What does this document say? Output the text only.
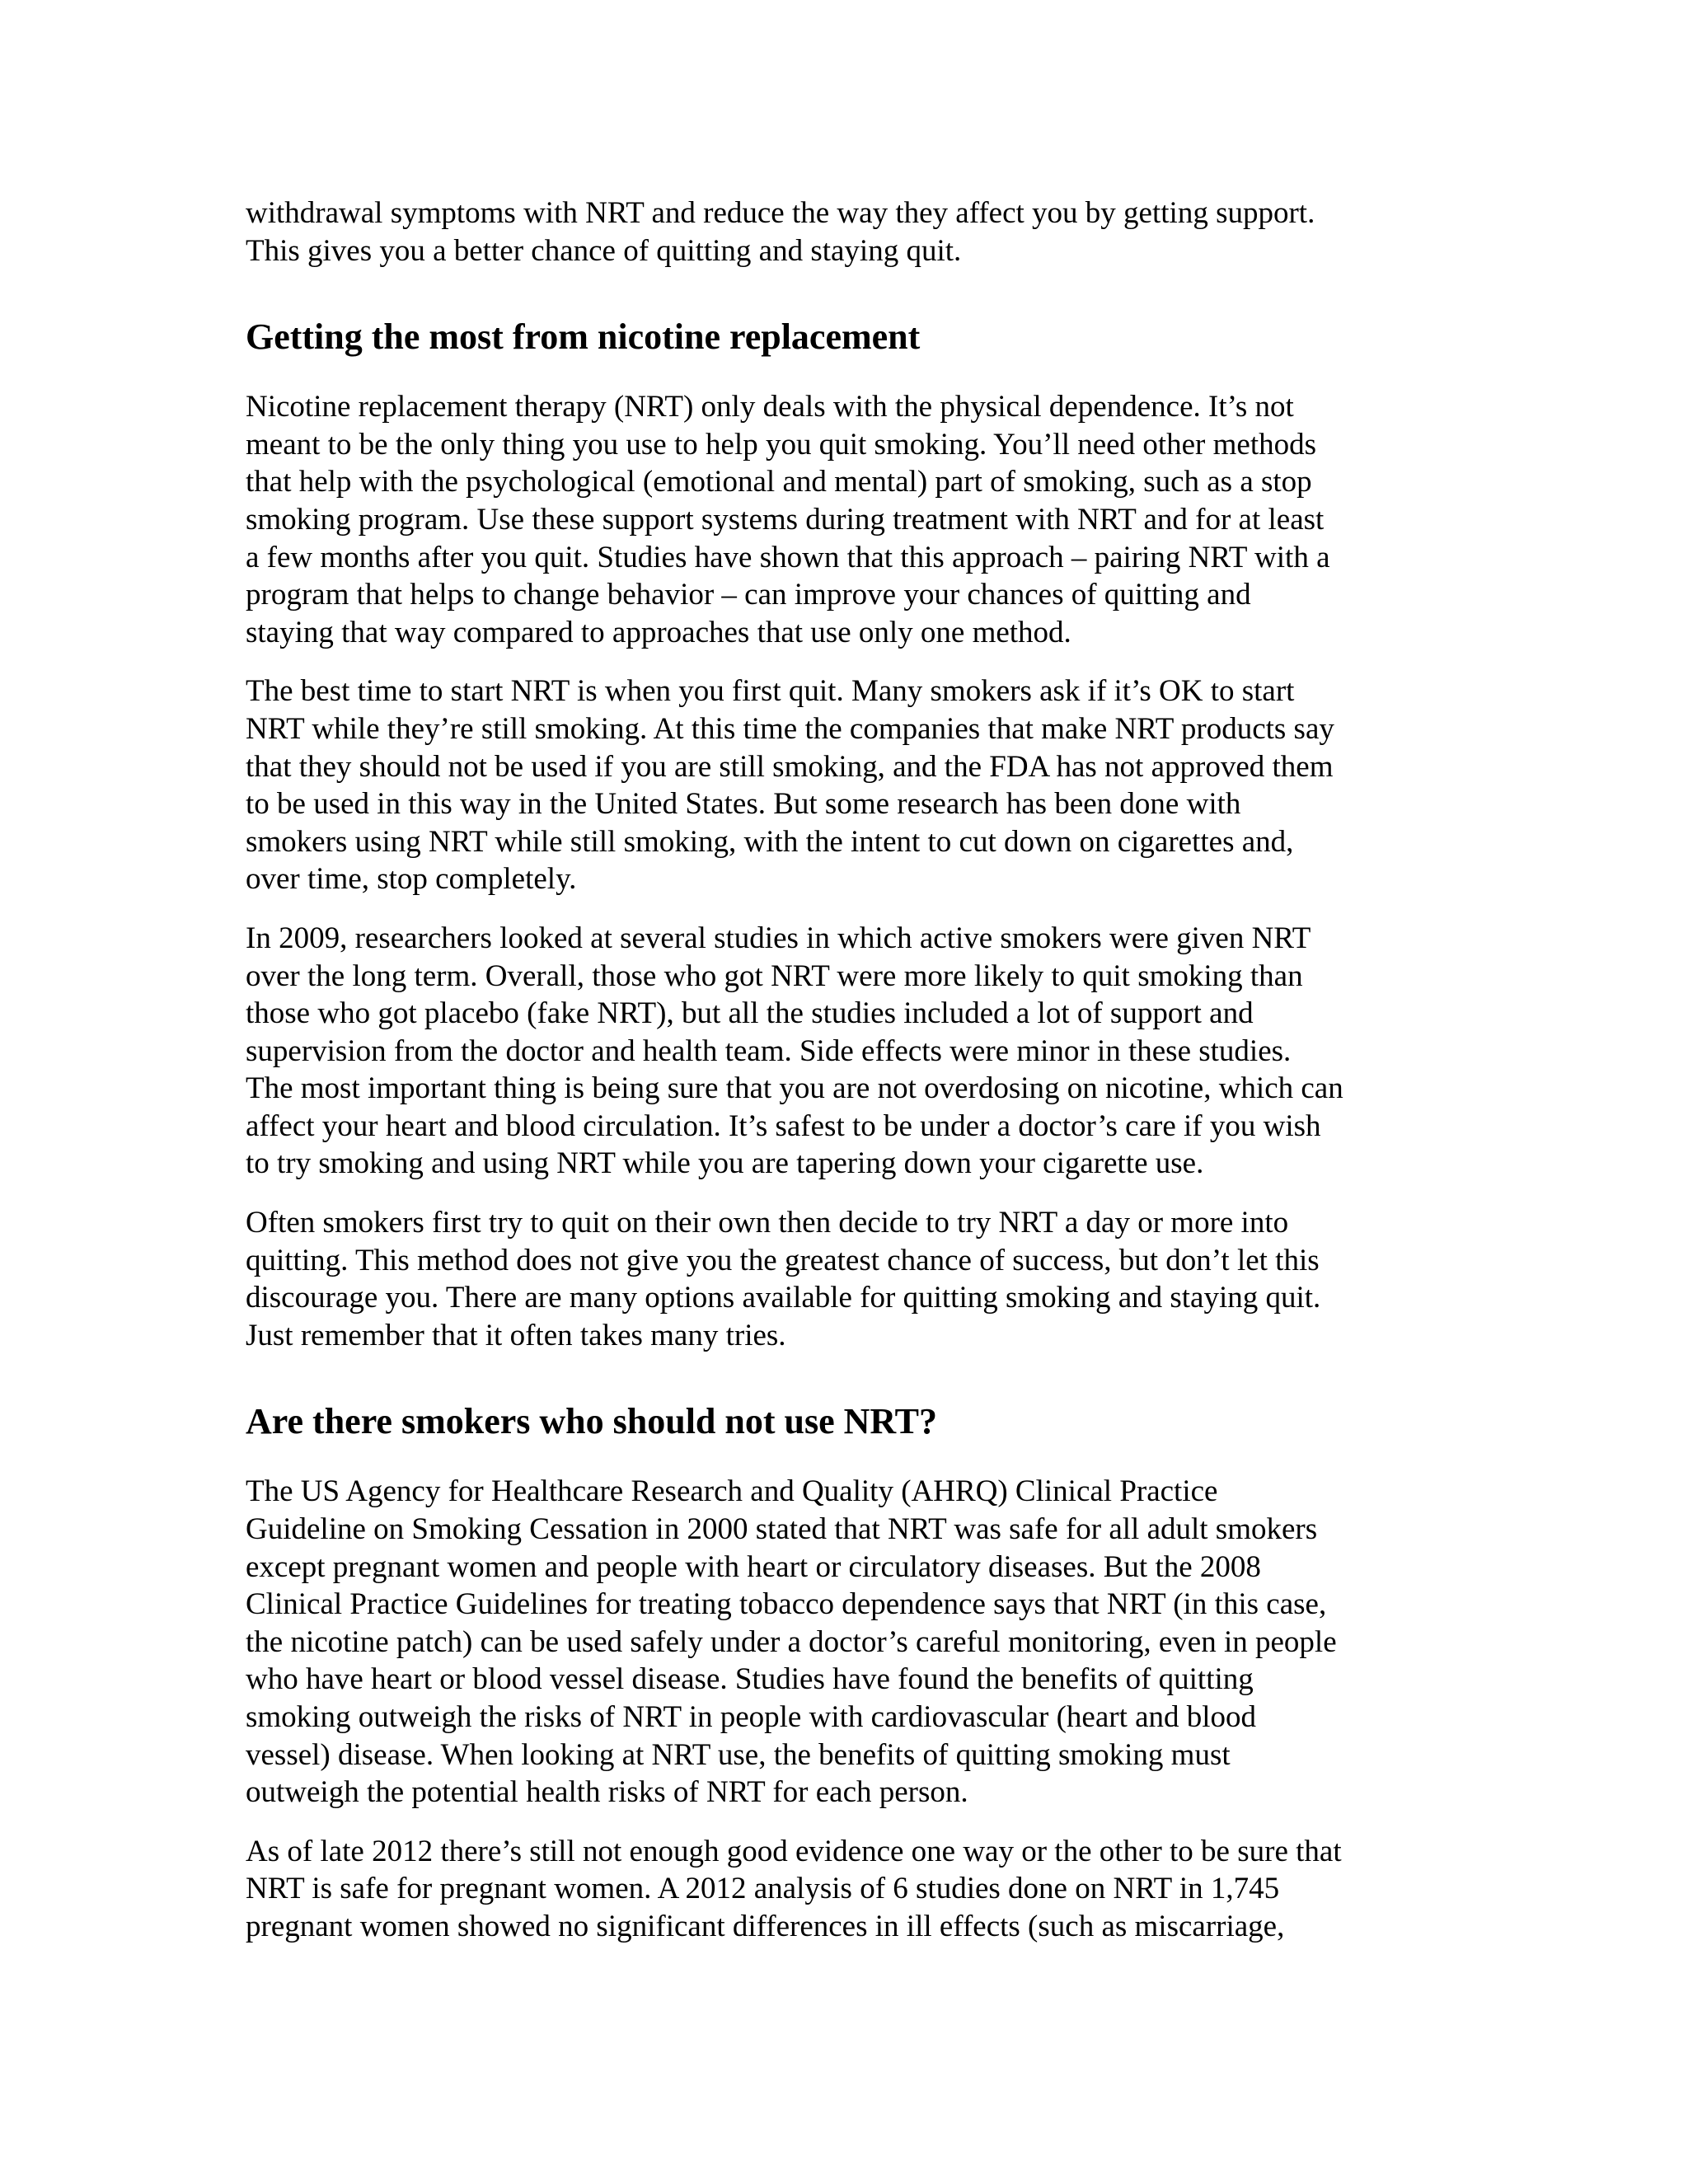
withdrawal symptoms with NRT and reduce the way they affect you by getting support.
This gives you a better chance of quitting and staying quit.

Getting the most from nicotine replacement

Nicotine replacement therapy (NRT) only deals with the physical dependence. It’s not
meant to be the only thing you use to help you quit smoking. You’ll need other methods
that help with the psychological (emotional and mental) part of smoking, such as a stop
smoking program. Use these support systems during treatment with NRT and for at least
a few months after you quit. Studies have shown that this approach – pairing NRT with a
program that helps to change behavior – can improve your chances of quitting and
staying that way compared to approaches that use only one method.

The best time to start NRT is when you first quit. Many smokers ask if it’s OK to start
NRT while they’re still smoking. At this time the companies that make NRT products say
that they should not be used if you are still smoking, and the FDA has not approved them
to be used in this way in the United States. But some research has been done with
smokers using NRT while still smoking, with the intent to cut down on cigarettes and,
over time, stop completely.

In 2009, researchers looked at several studies in which active smokers were given NRT
over the long term. Overall, those who got NRT were more likely to quit smoking than
those who got placebo (fake NRT), but all the studies included a lot of support and
supervision from the doctor and health team. Side effects were minor in these studies.
The most important thing is being sure that you are not overdosing on nicotine, which can
affect your heart and blood circulation. It’s safest to be under a doctor’s care if you wish
to try smoking and using NRT while you are tapering down your cigarette use.

Often smokers first try to quit on their own then decide to try NRT a day or more into
quitting. This method does not give you the greatest chance of success, but don’t let this
discourage you. There are many options available for quitting smoking and staying quit.
Just remember that it often takes many tries.

Are there smokers who should not use NRT?

The US Agency for Healthcare Research and Quality (AHRQ) Clinical Practice
Guideline on Smoking Cessation in 2000 stated that NRT was safe for all adult smokers
except pregnant women and people with heart or circulatory diseases. But the 2008
Clinical Practice Guidelines for treating tobacco dependence says that NRT (in this case,
the nicotine patch) can be used safely under a doctor’s careful monitoring, even in people
who have heart or blood vessel disease. Studies have found the benefits of quitting
smoking outweigh the risks of NRT in people with cardiovascular (heart and blood
vessel) disease. When looking at NRT use, the benefits of quitting smoking must
outweigh the potential health risks of NRT for each person.

As of late 2012 there’s still not enough good evidence one way or the other to be sure that
NRT is safe for pregnant women. A 2012 analysis of 6 studies done on NRT in 1,745
pregnant women showed no significant differences in ill effects (such as miscarriage,
